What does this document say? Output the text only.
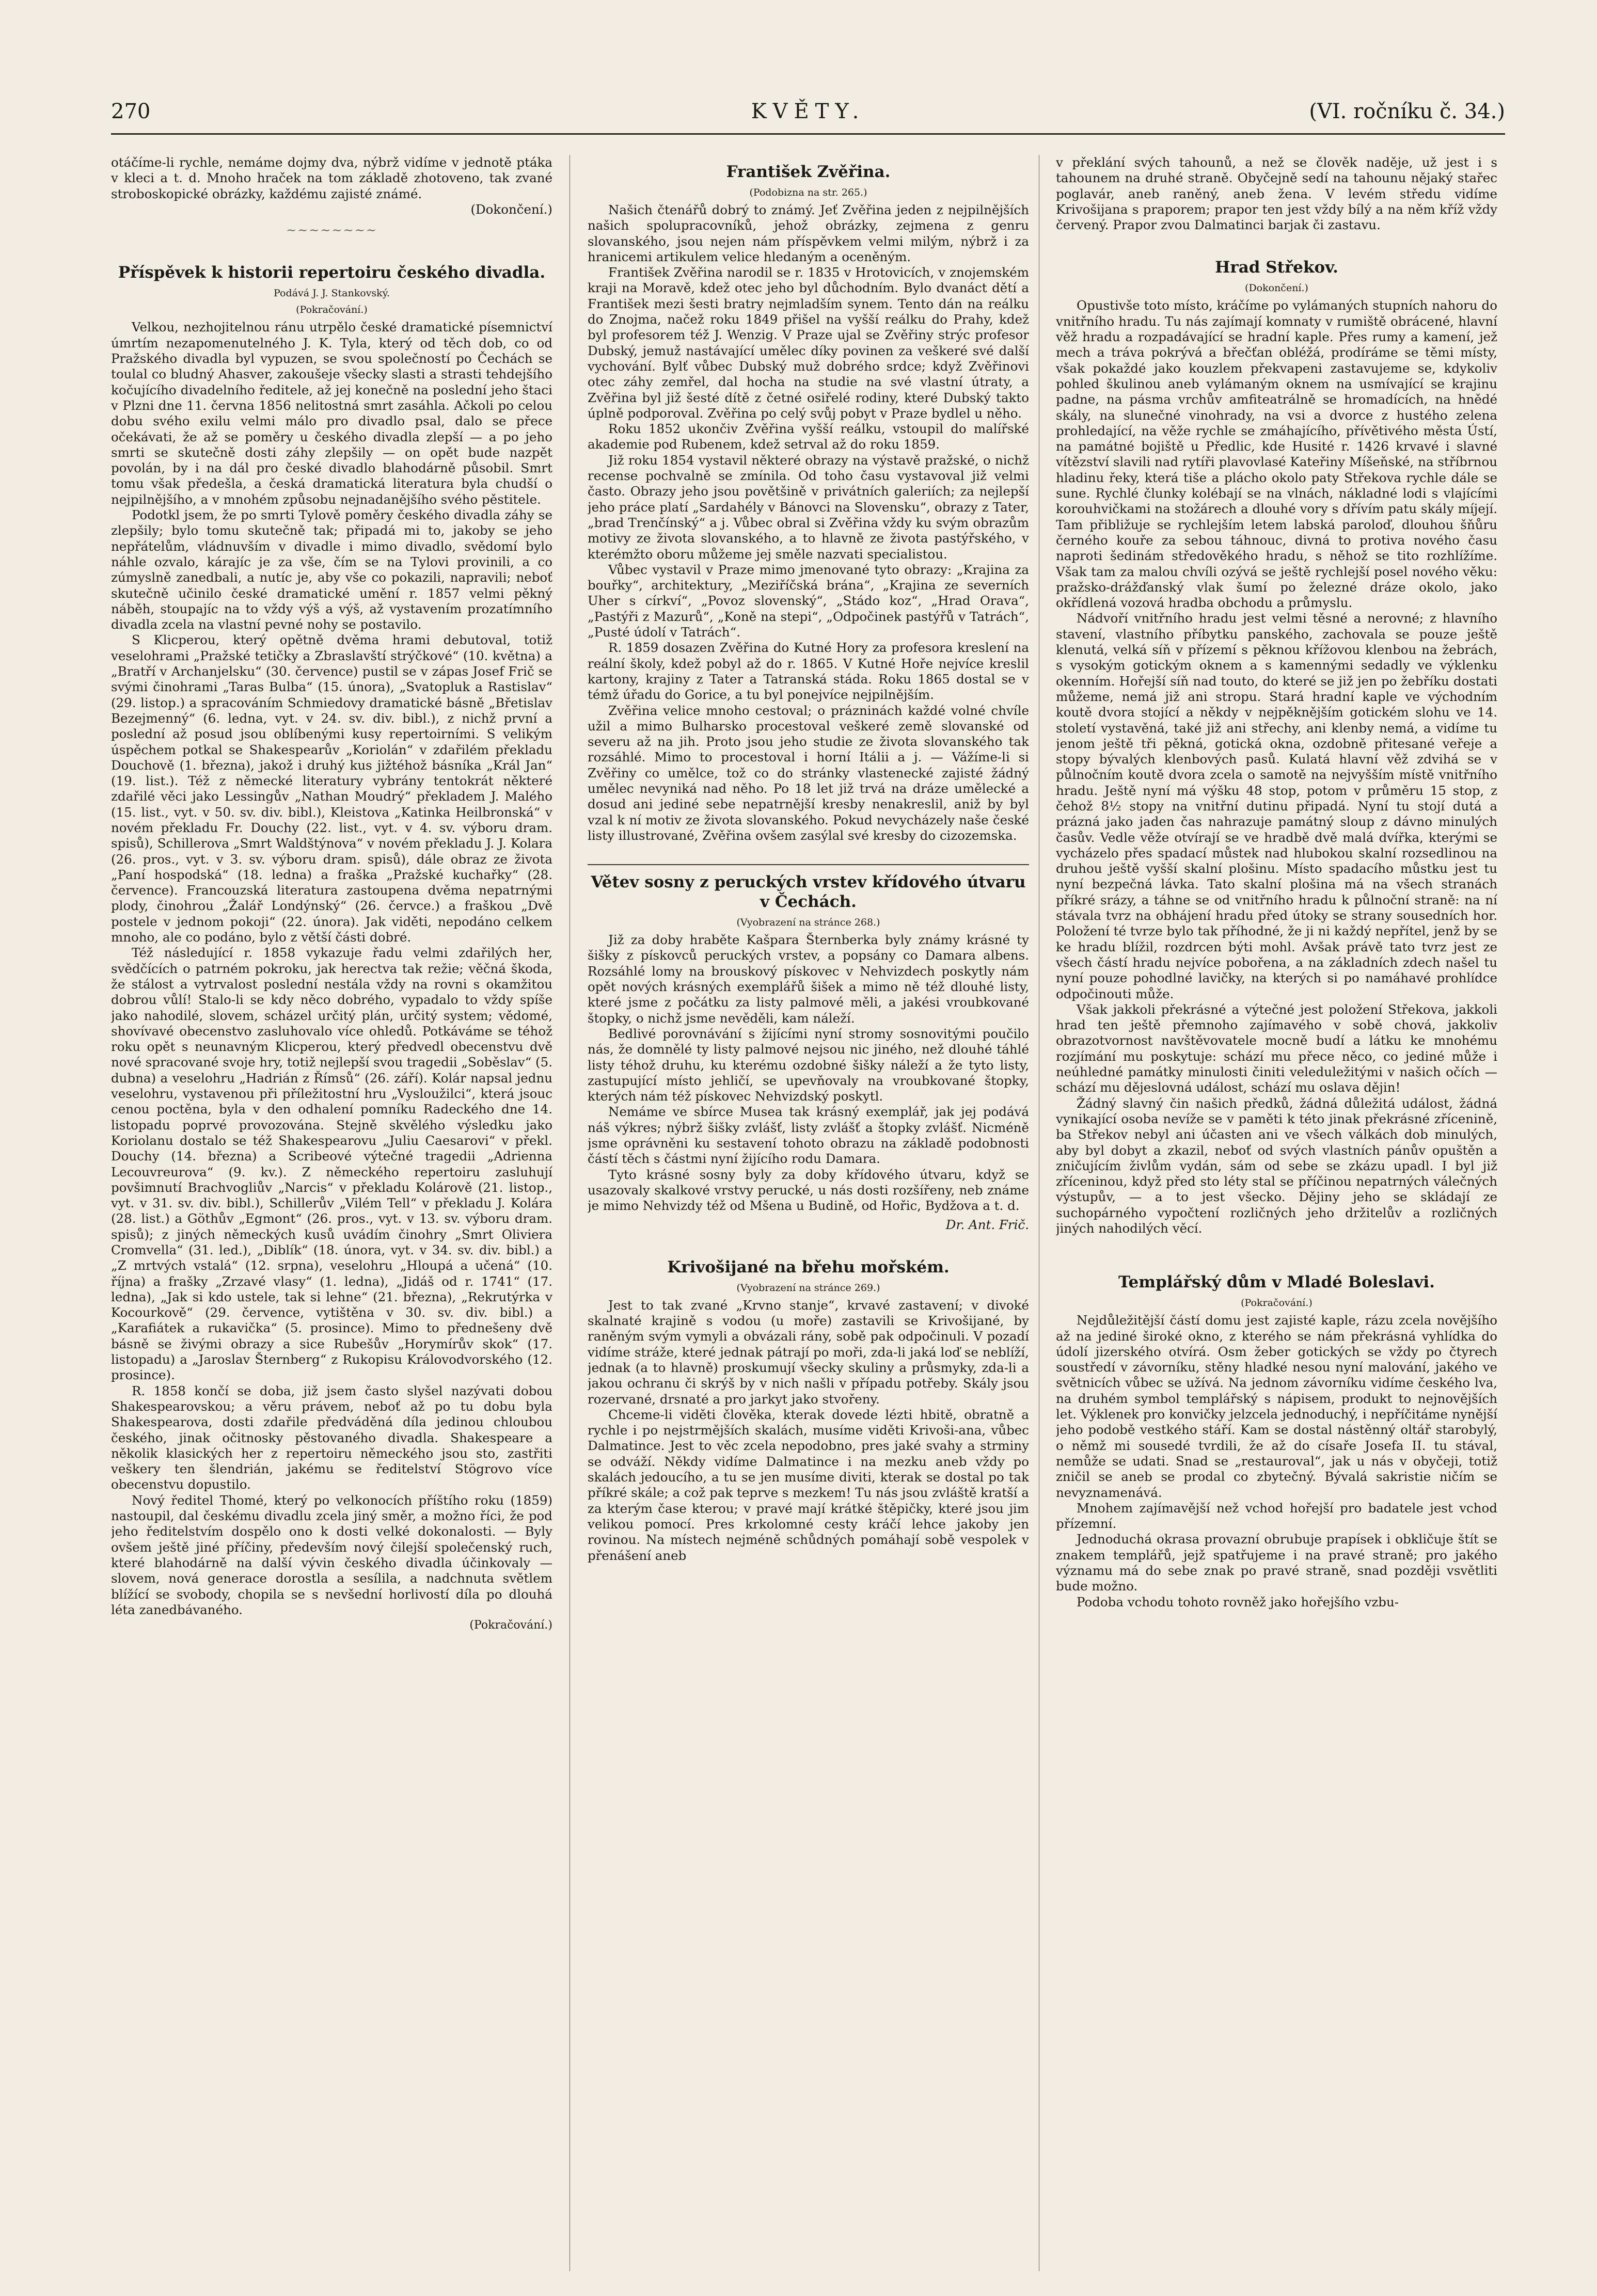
270	KVĚTY.	(VI. ročníku č. 34.)

otáčíme-li rychle, nemáme dojmy dva, nýbrž vidíme v jednotě ptáka v kleci a t. d. Mnoho hraček na tom základě zhotoveno, tak zvané stroboskopické obrázky, každému zajisté známé.

(Dokončení.)
~~~~~~~~
Příspěvek k historii repertoiru českého divadla.
Podává J. J. Stankovský.
(Pokračování.)

Velkou, nezhojitelnou ránu utrpělo české dramatické písemnictví úmrtím nezapomenutelného J. K. Tyla, který od těch dob, co od Pražského divadla byl vypuzen, se svou společností po Čechách se toulal co bludný Ahasver, zakoušeje všecky slasti a strasti tehdejšího kočujícího divadelního ředitele, až jej konečně na poslední jeho štaci v Plzni dne 11. června 1856 nelitostná smrt zasáhla. Ačkoli po celou dobu svého exilu velmi málo pro divadlo psal, dalo se přece očekávati, že až se poměry u českého divadla zlepší — a po jeho smrti se skutečně dosti záhy zlepšily — on opět bude nazpět povolán, by i na dál pro české divadlo blahodárně působil. Smrt tomu však předešla, a česká dramatická literatura byla chudší o nejpilnějšího, a v mnohém způsobu nejnadanějšího svého pěstitele.

Podotkl jsem, že po smrti Tylově poměry českého divadla záhy se zlepšily; bylo tomu skutečně tak; připadá mi to, jakoby se jeho nepřátelům, vládnuvším v divadle i mimo divadlo, svědomí bylo náhle ozvalo, kárajíc je za vše, čím se na Tylovi provinili, a co zúmyslně zanedbali, a nutíc je, aby vše co pokazili, napravili; neboť skutečně učinilo české dramatické umění r. 1857 velmi pěkný náběh, stoupajíc na to vždy výš a výš, až vystavením prozatímního divadla zcela na vlastní pevné nohy se postavilo.

S Klicperou, který opětně dvěma hrami debutoval, totiž veselohrami „Pražské tetičky a Zbraslavští strýčkové“ (10. května) a „Bratří v Archanjelsku“ (30. července) pustil se v zápas Josef Frič se svými činohrami „Taras Bulba“ (15. února), „Svatopluk a Rastislav“ (29. listop.) a spracováním Schmiedovy dramatické básně „Břetislav Bezejmenný“ (6. ledna, vyt. v 24. sv. div. bibl.), z nichž první a poslední až posud jsou oblíbenými kusy repertoirními. S velikým úspěchem potkal se Shakespearův „Koriolán“ v zdařilém překladu Douchově (1. března), jakož i druhý kus jižtéhož básníka „Král Jan“ (19. list.). Též z německé literatury vybrány tentokrát některé zdařilé věci jako Lessingův „Nathan Moudrý“ překladem J. Malého (15. list., vyt. v 50. sv. div. bibl.), Kleistova „Katinka Heilbronská“ v novém překladu Fr. Douchy (22. list., vyt. v 4. sv. výboru dram. spisů), Schillerova „Smrt Waldštýnova“ v novém překladu J. J. Kolara (26. pros., vyt. v 3. sv. výboru dram. spisů), dále obraz ze života „Paní hospodská“ (18. ledna) a fraška „Pražské kuchařky“ (28. července). Francouzská literatura zastoupena dvěma nepatrnými plody, činohrou „Žalář Londýnský“ (26. červce.) a fraškou „Dvě postele v jednom pokoji“ (22. února). Jak viděti, nepodáno celkem mnoho, ale co podáno, bylo z větší části dobré.

Též následující r. 1858 vykazuje řadu velmi zdařilých her, svědčících o patrném pokroku, jak herectva tak režie; věčná škoda, že stálost a vytrvalost poslední nestála vždy na rovni s okamžitou dobrou vůlí! Stalo-li se kdy něco dobrého, vypadalo to vždy spíše jako nahodilé, slovem, scházel určitý plán, určitý system; vědomé, shovívavé obecenstvo zasluhovalo více ohledů. Potkáváme se téhož roku opět s neunavným Klicperou, který předvedl obecenstvu dvě nové spracované svoje hry, totiž nejlepší svou tragedii „Soběslav“ (5. dubna) a veselohru „Hadrián z Římsů“ (26. září). Kolár napsal jednu veselohru, vystavenou při příležitostní hru „Vysloužilci“, která jsouc cenou poctěna, byla v den odhalení pomníku Radeckého dne 14. listopadu poprvé provozována. Stejně skvělého výsledku jako Koriolanu dostalo se též Shakespearovu „Juliu Caesarovi“ v překl. Douchy (14. března) a Scribeové výtečné tragedii „Adrienna Lecouvreurova“ (9. kv.). Z německého repertoiru zasluhují povšimnutí Brachvogliův „Narcis“ v překladu Kolárově (21. listop., vyt. v 31. sv. div. bibl.), Schillerův „Vilém Tell“ v překladu J. Kolára (28. list.) a Göthův „Egmont“ (26. pros., vyt. v 13. sv. výboru dram. spisů); z jiných německých kusů uvádím činohry „Smrt Oliviera Cromvella“ (31. led.), „Diblík“ (18. února, vyt. v 34. sv. div. bibl.) a „Z mrtvých vstalá“ (12. srpna), veselohru „Hloupá a učená“ (10. října) a frašky „Zrzavé vlasy“ (1. ledna), „Jidáš od r. 1741“ (17. ledna), „Jak si kdo ustele, tak si lehne“ (21. března), „Rekrutýrka v Kocourkově“ (29. července, vytištěna v 30. sv. div. bibl.) a „Karafiátek a rukavička“ (5. prosince). Mimo to přednešeny dvě básně se živými obrazy a sice Rubešův „Horymírův skok“ (17. listopadu) a „Jaroslav Šternberg“ z Rukopisu Královodvorského (12. prosince).

R. 1858 končí se doba, již jsem často slyšel nazývati dobou Shakespearovskou; a věru právem, neboť až po tu dobu byla Shakespearova, dosti zdařile předváděná díla jedinou chloubou českého, jinak očitnosky pěstovaného divadla. Shakespeare a několik klasických her z repertoiru německého jsou sto, zastřiti veškery ten šlendrián, jakému se ředitelství Stögrovo více obecenstvu dopustilo.

Nový ředitel Thomé, který po velkonocích příštího roku (1859) nastoupil, dal českému divadlu zcela jiný směr, a možno říci, že pod jeho ředitelstvím dospělo ono k dosti velké dokonalosti. — Byly ovšem ještě jiné příčiny, především nový čilejší společenský ruch, které blahodárně na další vývin českého divadla účinkovaly — slovem, nová generace dorostla a sesílila, a nadchnuta světlem blížící se svobody, chopila se s nevšední horlivostí díla po dlouhá léta zanedbávaného.

(Pokračování.)
František Zvěřina.
(Podobizna na str. 265.)

Našich čtenářů dobrý to známý. Jeť Zvěřina jeden z nejpilnějších našich spolupracovníků, jehož obrázky, zejmena z genru slovanského, jsou nejen nám příspěvkem velmi milým, nýbrž i za hranicemi artikulem velice hledaným a oceněným.

František Zvěřina narodil se r. 1835 v Hrotovicích, v znojemském kraji na Moravě, kdež otec jeho byl důchodním. Bylo dvanáct dětí a František mezi šesti bratry nejmladším synem. Tento dán na reálku do Znojma, načež roku 1849 přišel na vyšší reálku do Prahy, kdež byl profesorem též J. Wenzig. V Praze ujal se Zvěřiny strýc profesor Dubský, jemuž nastávající umělec díky povinen za veškeré své další vychování. Bylť vůbec Dubský muž dobrého srdce; když Zvěřinovi otec záhy zemřel, dal hocha na studie na své vlastní útraty, a Zvěřina byl již šesté dítě z četné osiřelé rodiny, které Dubský takto úplně podporoval. Zvěřina po celý svůj pobyt v Praze bydlel u něho.

Roku 1852 ukončiv Zvěřina vyšší reálku, vstoupil do malířské akademie pod Rubenem, kdež setrval až do roku 1859.

Již roku 1854 vystavil některé obrazy na výstavě pražské, o nichž recense pochvalně se zmínila. Od toho času vystavoval již velmi často. Obrazy jeho jsou povětšině v privátních galeriích; za nejlepší jeho práce platí „Sardahély v Bánovci na Slovensku“, obrazy z Tater, „brad Trenčínský“ a j. Vůbec obral si Zvěřina vždy ku svým obrazům motivy ze života slovanského, a to hlavně ze života pastýřského, v kterémžto oboru můžeme jej směle nazvati specialistou.

Vůbec vystavil v Praze mimo jmenované tyto obrazy: „Krajina za bouřky“, architektury, „Meziříčská brána“, „Krajina ze severních Uher s církví“, „Povoz slovenský“, „Stádo koz“, „Hrad Orava“, „Pastýři z Mazurů“, „Koně na stepi“, „Odpočinek pastýřů v Tatrách“, „Pusté údolí v Tatrách“.

R. 1859 dosazen Zvěřina do Kutné Hory za profesora kreslení na reální školy, kdež pobyl až do r. 1865. V Kutné Hoře nejvíce kreslil kartony, krajiny z Tater a Tatranská stáda. Roku 1865 dostal se v témž úřadu do Gorice, a tu byl ponejvíce nejpilnějším.

Zvěřina velice mnoho cestoval; o prázninách každé volné chvíle užil a mimo Bulharsko procestoval veškeré země slovanské od severu až na jih. Proto jsou jeho studie ze života slovanského tak rozsáhlé. Mimo to procestoval i horní Itálii a j. — Vážíme-li si Zvěřiny co umělce, tož co do stránky vlastenecké zajisté žádný umělec nevyniká nad něho. Po 18 let již trvá na dráze umělecké a dosud ani jediné sebe nepatrnější kresby nenakreslil, aniž by byl vzal k ní motiv ze života slovanského. Pokud nevycházely naše české listy illustrované, Zvěřina ovšem zasýlal své kresby do cizozemska.

Větev sosny z peruckých vrstev křídového útvaru v Čechách.
(Vyobrazení na stránce 268.)

Již za doby hraběte Kašpara Šternberka byly známy krásné ty šišky z pískovců peruckých vrstev, a popsány co Damara albens. Rozsáhlé lomy na brouskový pískovec v Nehvizdech poskytly nám opět nových krásných exemplářů šišek a mimo ně též dlouhé listy, které jsme z počátku za listy palmové měli, a jakési vroubkované štopky, o nichž jsme nevěděli, kam náleží.

Bedlivé porovnávání s žijícími nyní stromy sosnovitými poučilo nás, že domnělé ty listy palmové nejsou nic jiného, než dlouhé táhlé listy téhož druhu, ku kterému ozdobné šišky náleží a že tyto listy, zastupující místo jehličí, se upevňovaly na vroubkované štopky, kterých nám též pískovec Nehvizdský poskytl.

Nemáme ve sbírce Musea tak krásný exemplář, jak jej podává náš výkres; nýbrž šišky zvlášť, listy zvlášť a štopky zvlášť. Nicméně jsme oprávněni ku sestavení tohoto obrazu na základě podobnosti částí těch s částmi nyní žijícího rodu Damara.

Tyto krásné sosny byly za doby křídového útvaru, když se usazovaly skalkové vrstvy perucké, u nás dosti rozšířeny, neb známe je mimo Nehvizdy též od Mšena u Budině, od Hořic, Bydžova a t. d.

Dr. Ant. Frič.
Krivošijané na břehu mořském.
(Vyobrazení na stránce 269.)

Jest to tak zvané „Krvno stanje“, krvavé zastavení; v divoké skalnaté krajině s vodou (u moře) zastavili se Krivošijané, by raněným svým vymyli a obvázali rány, sobě pak odpočinuli. V pozadí vidíme stráže, které jednak pátrají po moři, zda-li jaká loď se neblíží, jednak (a to hlavně) proskumují všecky skuliny a průsmyky, zda-li a jakou ochranu či skrýš by v nich našli v případu potřeby. Skály jsou rozervané, drsnaté a pro jarkyt jako stvořeny.

Chceme-li viděti člověka, kterak dovede lézti hbitě, obratně a rychle i po nejstrmějších skalách, musíme viděti Krivoši-ana, vůbec Dalmatince. Jest to věc zcela nepodobno, pres jaké svahy a strminy se odváží. Někdy vidíme Dalmatince i na mezku aneb vždy po skalách jedoucího, a tu se jen musíme diviti, kterak se dostal po tak příkré skále; a což pak teprve s mezkem! Tu nás jsou zvláště kratší a za kterým čase kterou; v pravé mají krátké štěpičky, které jsou jim velikou pomocí. Pres krkolomné cesty kráčí lehce jakoby jen rovinou. Na místech nejméně schůdných pomáhají sobě vespolek v přenášení aneb

v překlání svých tahounů, a než se člověk naděje, už jest i s tahounem na druhé straně. Obyčejně sedí na tahounu nějaký stařec poglavár, aneb raněný, aneb žena. V levém středu vidíme Krivošijana s praporem; prapor ten jest vždy bílý a na něm kříž vždy červený. Prapor zvou Dalmatinci barjak či zastavu.

Hrad Střekov.
(Dokončení.)

Opustivše toto místo, kráčíme po vylámaných stupních nahoru do vnitřního hradu. Tu nás zajímají komnaty v rumiště obrácené, hlavní věž hradu a rozpadávající se hradní kaple. Přes rumy a kamení, jež mech a tráva pokrývá a břečťan obléžá, prodíráme se těmi místy, však pokaždé jako kouzlem překvapeni zastavujeme se, kdykoliv pohled škulinou aneb vylámaným oknem na usmívající se krajinu padne, na pásma vrchův amfiteatrálně se hromadících, na hnědé skály, na slunečné vinohrady, na vsi a dvorce z hustého zelena prohledající, na věže rychle se zmáhajícího, přívětivého města Ústí, na památné bojiště u Předlic, kde Husité r. 1426 krvavé i slavné vítězství slavili nad rytíři plavovlasé Kateřiny Míšeňské, na stříbrnou hladinu řeky, která tiše a plácho okolo paty Střekova rychle dále se sune. Rychlé člunky kolébají se na vlnách, nákladné lodi s vlajícími korouhvičkami na stožárech a dlouhé vory s dřívím patu skály míjejí. Tam přibližuje se rychlejším letem labská paroloď, dlouhou šňůru černého kouře za sebou táhnouc, divná to protiva nového času naproti šedinám středověkého hradu, s něhož se tito rozhlížíme. Však tam za malou chvíli ozývá se ještě rychlejší posel nového věku: pražsko-drážďanský vlak šumí po železné dráze okolo, jako okřídlená vozová hradba obchodu a průmyslu.

Nádvoří vnitřního hradu jest velmi těsné a nerovné; z hlavního stavení, vlastního příbytku panského, zachovala se pouze ještě klenutá, velká síň v přízemí s pěknou křížovou klenbou na žebrách, s vysokým gotickým oknem a s kamennými sedadly ve výklenku okenním. Hořejší síň nad touto, do které se již jen po žebříku dostati můžeme, nemá již ani stropu. Stará hradní kaple ve východním koutě dvora stojící a někdy v nejpěknějším gotickém slohu ve 14. století vystavěná, také již ani střechy, ani klenby nemá, a vidíme tu jenom ještě tři pěkná, gotická okna, ozdobně přitesané veřeje a stopy bývalých klenbových pasů. Kulatá hlavní věž zdvihá se v půlnočním koutě dvora zcela o samotě na nejvyšším místě vnitřního hradu. Ještě nyní má výšku 48 stop, potom v průměru 15 stop, z čehož 8½ stopy na vnitřní dutinu připadá. Nyní tu stojí dutá a prázná jako jaden čas nahrazuje památný sloup z dávno minulých časův. Vedle věže otvírají se ve hradbě dvě malá dvířka, kterými se vycházelo přes spadací můstek nad hlubokou skalní rozsedlinou na druhou ještě vyšší skalní plošinu. Místo spadacího můstku jest tu nyní bezpečná lávka. Tato skalní plošina má na všech stranách příkré srázy, a táhne se od vnitřního hradu k půlnoční straně: na ní stávala tvrz na obhájení hradu před útoky se strany sousedních hor. Položení té tvrze bylo tak příhodné, že ji ni každý nepřítel, jenž by se ke hradu blížil, rozdrcen býti mohl. Avšak právě tato tvrz jest ze všech částí hradu nejvíce pobořena, a na základních zdech našel tu nyní pouze pohodlné lavičky, na kterých si po namáhavé prohlídce odpočinouti může.

Však jakkoli překrásné a výtečné jest položení Střekova, jakkoli hrad ten ještě přemnoho zajímavého v sobě chová, jakkoliv obrazotvornost navštěvovatele mocně budí a látku ke mnohému rozjímání mu poskytuje: schází mu přece něco, co jediné může i neúhledné památky minulosti činiti veleduležitými v našich očích — schází mu dějeslovná událost, schází mu oslava dějin!

Žádný slavný čin našich předků, žádná důležitá událost, žádná vynikající osoba nevíže se v paměti k této jinak překrásné zřícenině, ba Střekov nebyl ani účasten ani ve všech válkách dob minulých, aby byl dobyt a zkazil, neboť od svých vlastních pánův opuštěn a zničujícím živlům vydán, sám od sebe se zkázu upadl. I byl již zříceninou, když před sto léty stal se příčinou nepatrných válečných výstupův, — a to jest všecko. Dějiny jeho se skládají ze suchopárného vypočtení rozličných jeho držitelův a rozličných jiných nahodilých věcí.

Templářský dům v Mladé Boleslavi.
(Pokračování.)

Nejdůležitější částí domu jest zajisté kaple, rázu zcela novějšího až na jediné široké okno, z kterého se nám překrásná vyhlídka do údolí jizerského otvírá. Osm žeber gotických se vždy po čtyrech soustředí v závorníku, stěny hladké nesou nyní malování, jakého ve světnicích vůbec se užívá. Na jednom závorníku vidíme českého lva, na druhém symbol templářský s nápisem, produkt to nejnovějších let. Výklenek pro konvičky jelzcela jednoduchý, i nepříčitáme nynější jeho podobě vestkého stáří. Kam se dostal nástěnný oltář starobylý, o němž mi sousedé tvrdili, že až do císaře Josefa II. tu stával, nemůže se udati. Snad se „restauroval“, jak u nás v obyčeji, totiž zničil se aneb se prodal co zbytečný. Bývalá sakristie ničím se nevyznamenává.

Mnohem zajímavější než vchod hořejší pro badatele jest vchod přízemní.

Jednoduchá okrasa provazní obrubuje prapísek i obkličuje štít se znakem templářů, jejž spatřujeme i na pravé straně; pro jakého významu má do sebe znak po pravé straně, snad později vsvětliti bude možno.

Podoba vchodu tohoto rovněž jako hořejšího vzbu-
